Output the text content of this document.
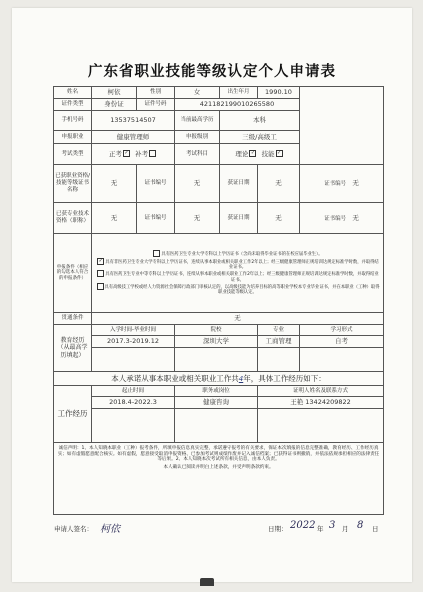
广东省职业技能等级认定个人申请表
姓名	柯依	性别	女	出生年月	1990.10	

证件类型	身份证	证件号码	421182199010265580			
手机号码	13537514507		当前最高学历	本科		
申报职业	健康管理师		申报级别	三级/高级工		
考试类型	正考 ✓ 补考		考试科目	理论 ✓ 技能 ✓		
已获职业资格/技能等级证书名称	无	证书编号	无	获证日期	无	证书编号 无
已获专业技术资格（职称）	无	证书编号	无	获证日期	无	证书编号 无
申报条件（相应的勾选本人符合的申报条件）	具有医药卫生专业大学专科以上学历证书（含尚未取得毕业证书的在校应届毕业生）。
✓ 具有非医药卫生专业大学专科以上学历证书，连续从事本职业或相关职业工作2年以上；经三级健康管理师正规培训达规定标准学时数，并取得结业证书。
具有医药卫生专业中等专科以上学历证书，连续从事本职业或相关职业工作2年以上；经三级健康管理师正规培训达规定标准学时数，并取得结业证书。
具有高级技工学校或经人力资源社会保障行政部门审核认定的，以高级技能为培养目标的高等职业学校本专业毕业证书，并在本职业（工种）取得职业技能等级认定。					

贯通条件	无					
教育经历（从最高学历填起）	入学时间-毕业时间		院校		专业	学习形式
	2017.3-2019.12		深圳大学		工商管理	自考

本人承诺从事本职业或相关职业工作共4年，具体工作经历如下：						
工作经历	起止时间		职务或岗位		证明人姓名及联系方式	
	2018.4-2022.3		健康咨询		王艳 13424209822	

诚信声明：1、本人知晓本职业（工种）报考条件，所填申报信息真实完整，承诺遵守报考的有关要求，保证本次填报的信息完整准确，教育经历、工作经历真实；如有虚假愿意配合核实。如有虚假，愿意接受取消申报资格、已参加考试则成绩作废并记入诚信档案；已获得证书则撤销，并依法依规承担相应的法律责任等后果。2、本人知晓本次考试所有相关信息，由本人负责。
本人确认已阅读并明白上述条款，并受声明条款约束。						
申请人签名： 柯依	日期： 2022 年 3 月 8 日
